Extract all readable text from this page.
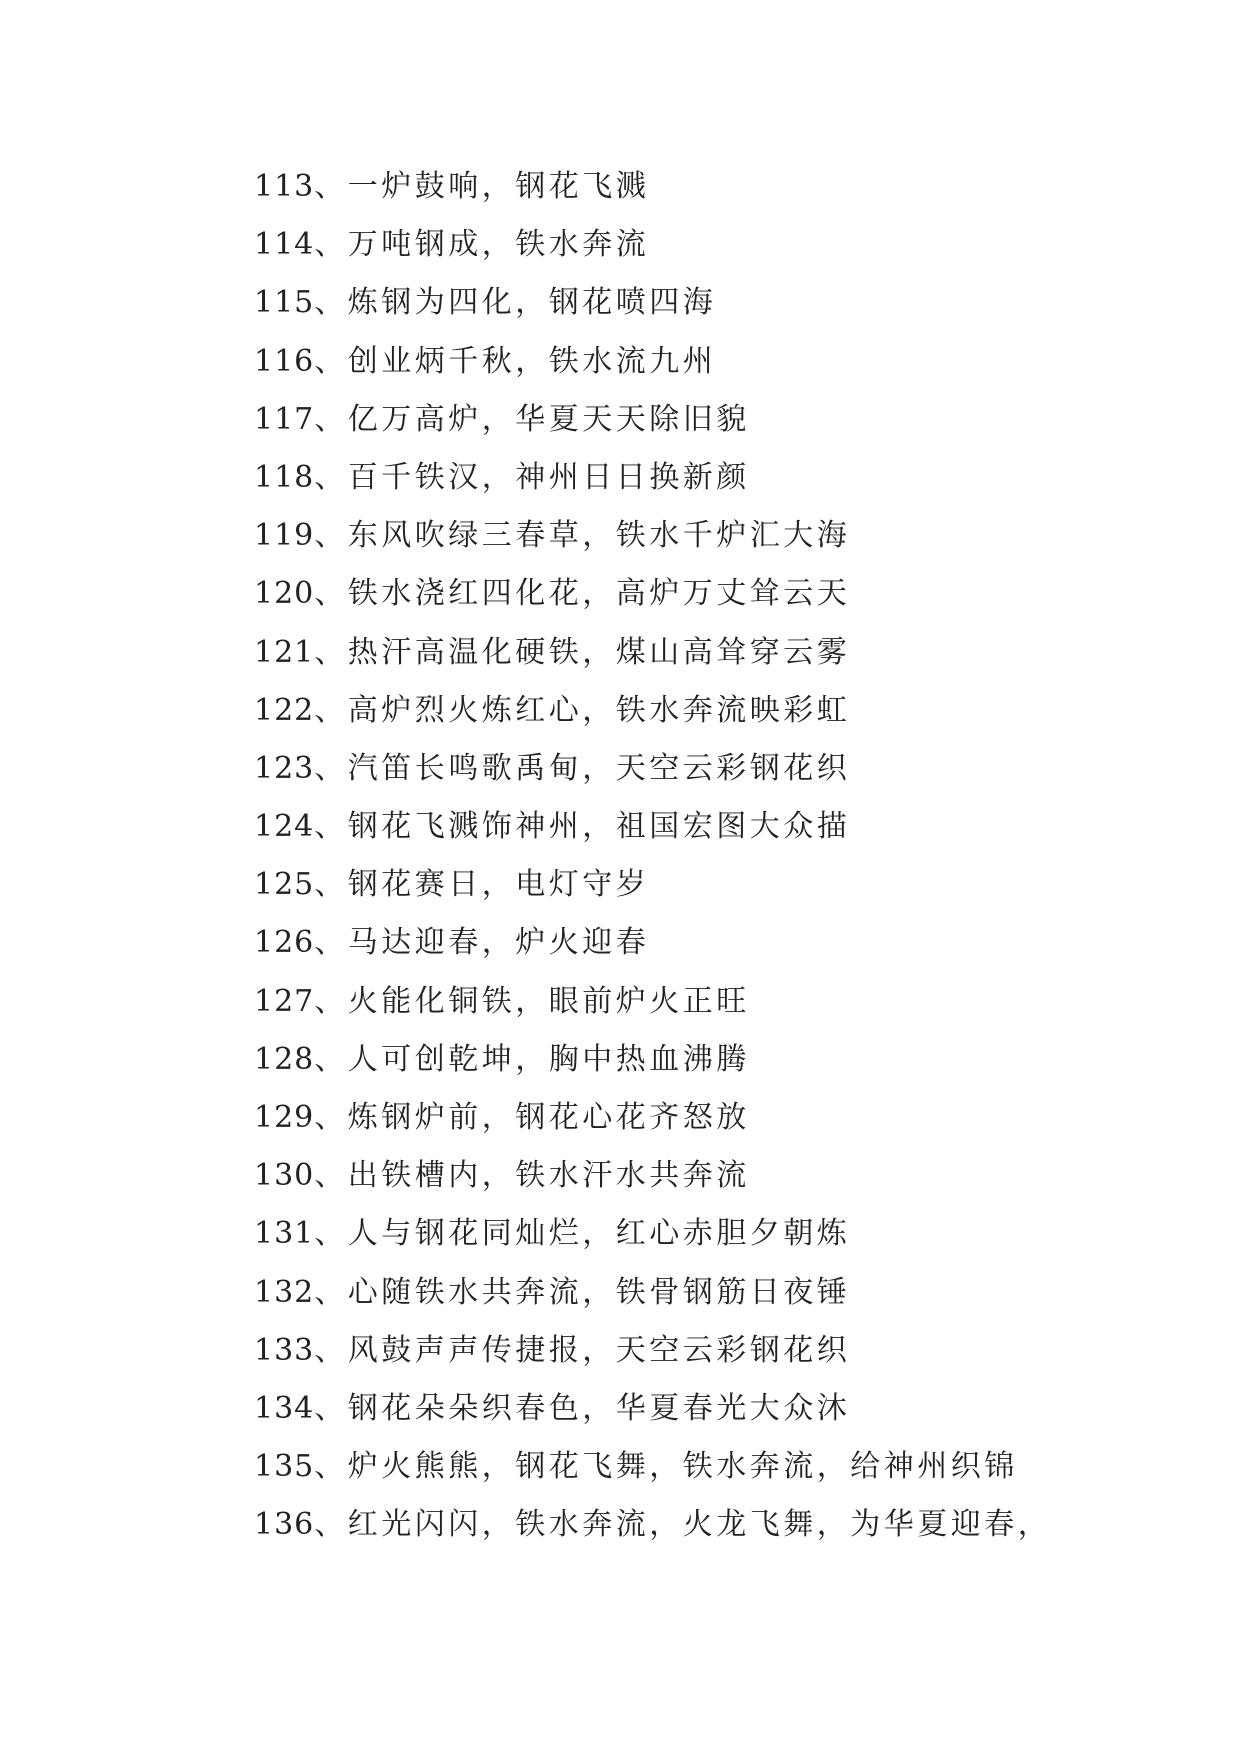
113、一炉鼓响，钢花飞溅
114、万吨钢成，铁水奔流
115、炼钢为四化，钢花喷四海
116、创业炳千秋，铁水流九州
117、亿万高炉，华夏天天除旧貌
118、百千铁汉，神州日日换新颜
119、东风吹绿三春草，铁水千炉汇大海
120、铁水浇红四化花，高炉万丈耸云天
121、热汗高温化硬铁，煤山高耸穿云雾
122、高炉烈火炼红心，铁水奔流映彩虹
123、汽笛长鸣歌禹甸，天空云彩钢花织
124、钢花飞溅饰神州，祖国宏图大众描
125、钢花赛日，电灯守岁
126、马达迎春，炉火迎春
127、火能化铜铁，眼前炉火正旺
128、人可创乾坤，胸中热血沸腾
129、炼钢炉前，钢花心花齐怒放
130、出铁槽内，铁水汗水共奔流
131、人与钢花同灿烂，红心赤胆夕朝炼
132、心随铁水共奔流，铁骨钢筋日夜锤
133、风鼓声声传捷报，天空云彩钢花织
134、钢花朵朵织春色，华夏春光大众沐
135、炉火熊熊，钢花飞舞，铁水奔流，给神州织锦
136、红光闪闪，铁水奔流，火龙飞舞，为华夏迎春，
